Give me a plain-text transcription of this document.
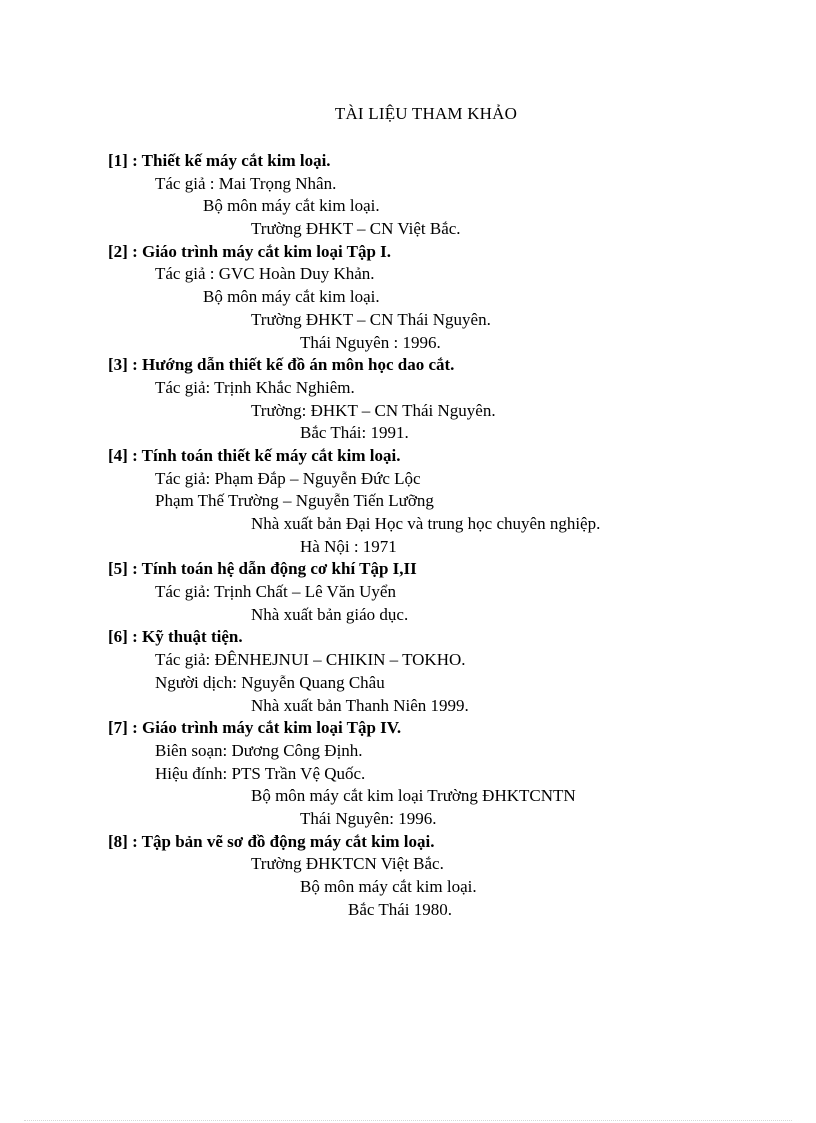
TÀI LIỆU THAM KHẢO
[1] : Thiết kế máy cắt kim loại.
Tác giả : Mai Trọng Nhân.
Bộ môn máy cắt kim loại.
Trường ĐHKT – CN Việt Bắc.
[2] : Giáo trình máy cắt kim loại Tập I.
Tác giả : GVC Hoàn Duy Khản.
Bộ môn máy cắt kim loại.
Trường ĐHKT – CN Thái Nguyên.
Thái Nguyên : 1996.
[3] : Hướng dẫn thiết kế đồ án môn học dao cắt.
Tác giả: Trịnh Khắc Nghiêm.
Trường: ĐHKT – CN Thái Nguyên.
Bắc Thái: 1991.
[4] : Tính toán thiết kế máy cắt kim loại.
Tác giả: Phạm Đắp – Nguyễn Đức Lộc
Phạm Thế Trường – Nguyễn Tiến Lưỡng
Nhà xuất bản Đại Học và trung học chuyên nghiệp.
Hà Nội : 1971
[5] : Tính toán hệ dẫn động cơ khí Tập I,II
Tác giả: Trịnh Chất – Lê Văn Uyển
Nhà xuất bản giáo dục.
[6] : Kỹ thuật tiện.
Tác giả: ĐÊNHEJNUI – CHIKIN – TOKHO.
Người dịch: Nguyễn Quang Châu
Nhà xuất bản Thanh Niên 1999.
[7] : Giáo trình máy cắt kim loại Tập IV.
Biên soạn: Dương Công Định.
Hiệu đính: PTS Trần Vệ Quốc.
Bộ môn máy cắt kim loại Trường ĐHKTCNTN
Thái Nguyên: 1996.
[8] : Tập bản vẽ sơ đồ động máy cắt kim loại.
Trường ĐHKTCN Việt Bắc.
Bộ môn máy cắt kim loại.
Bắc Thái 1980.
